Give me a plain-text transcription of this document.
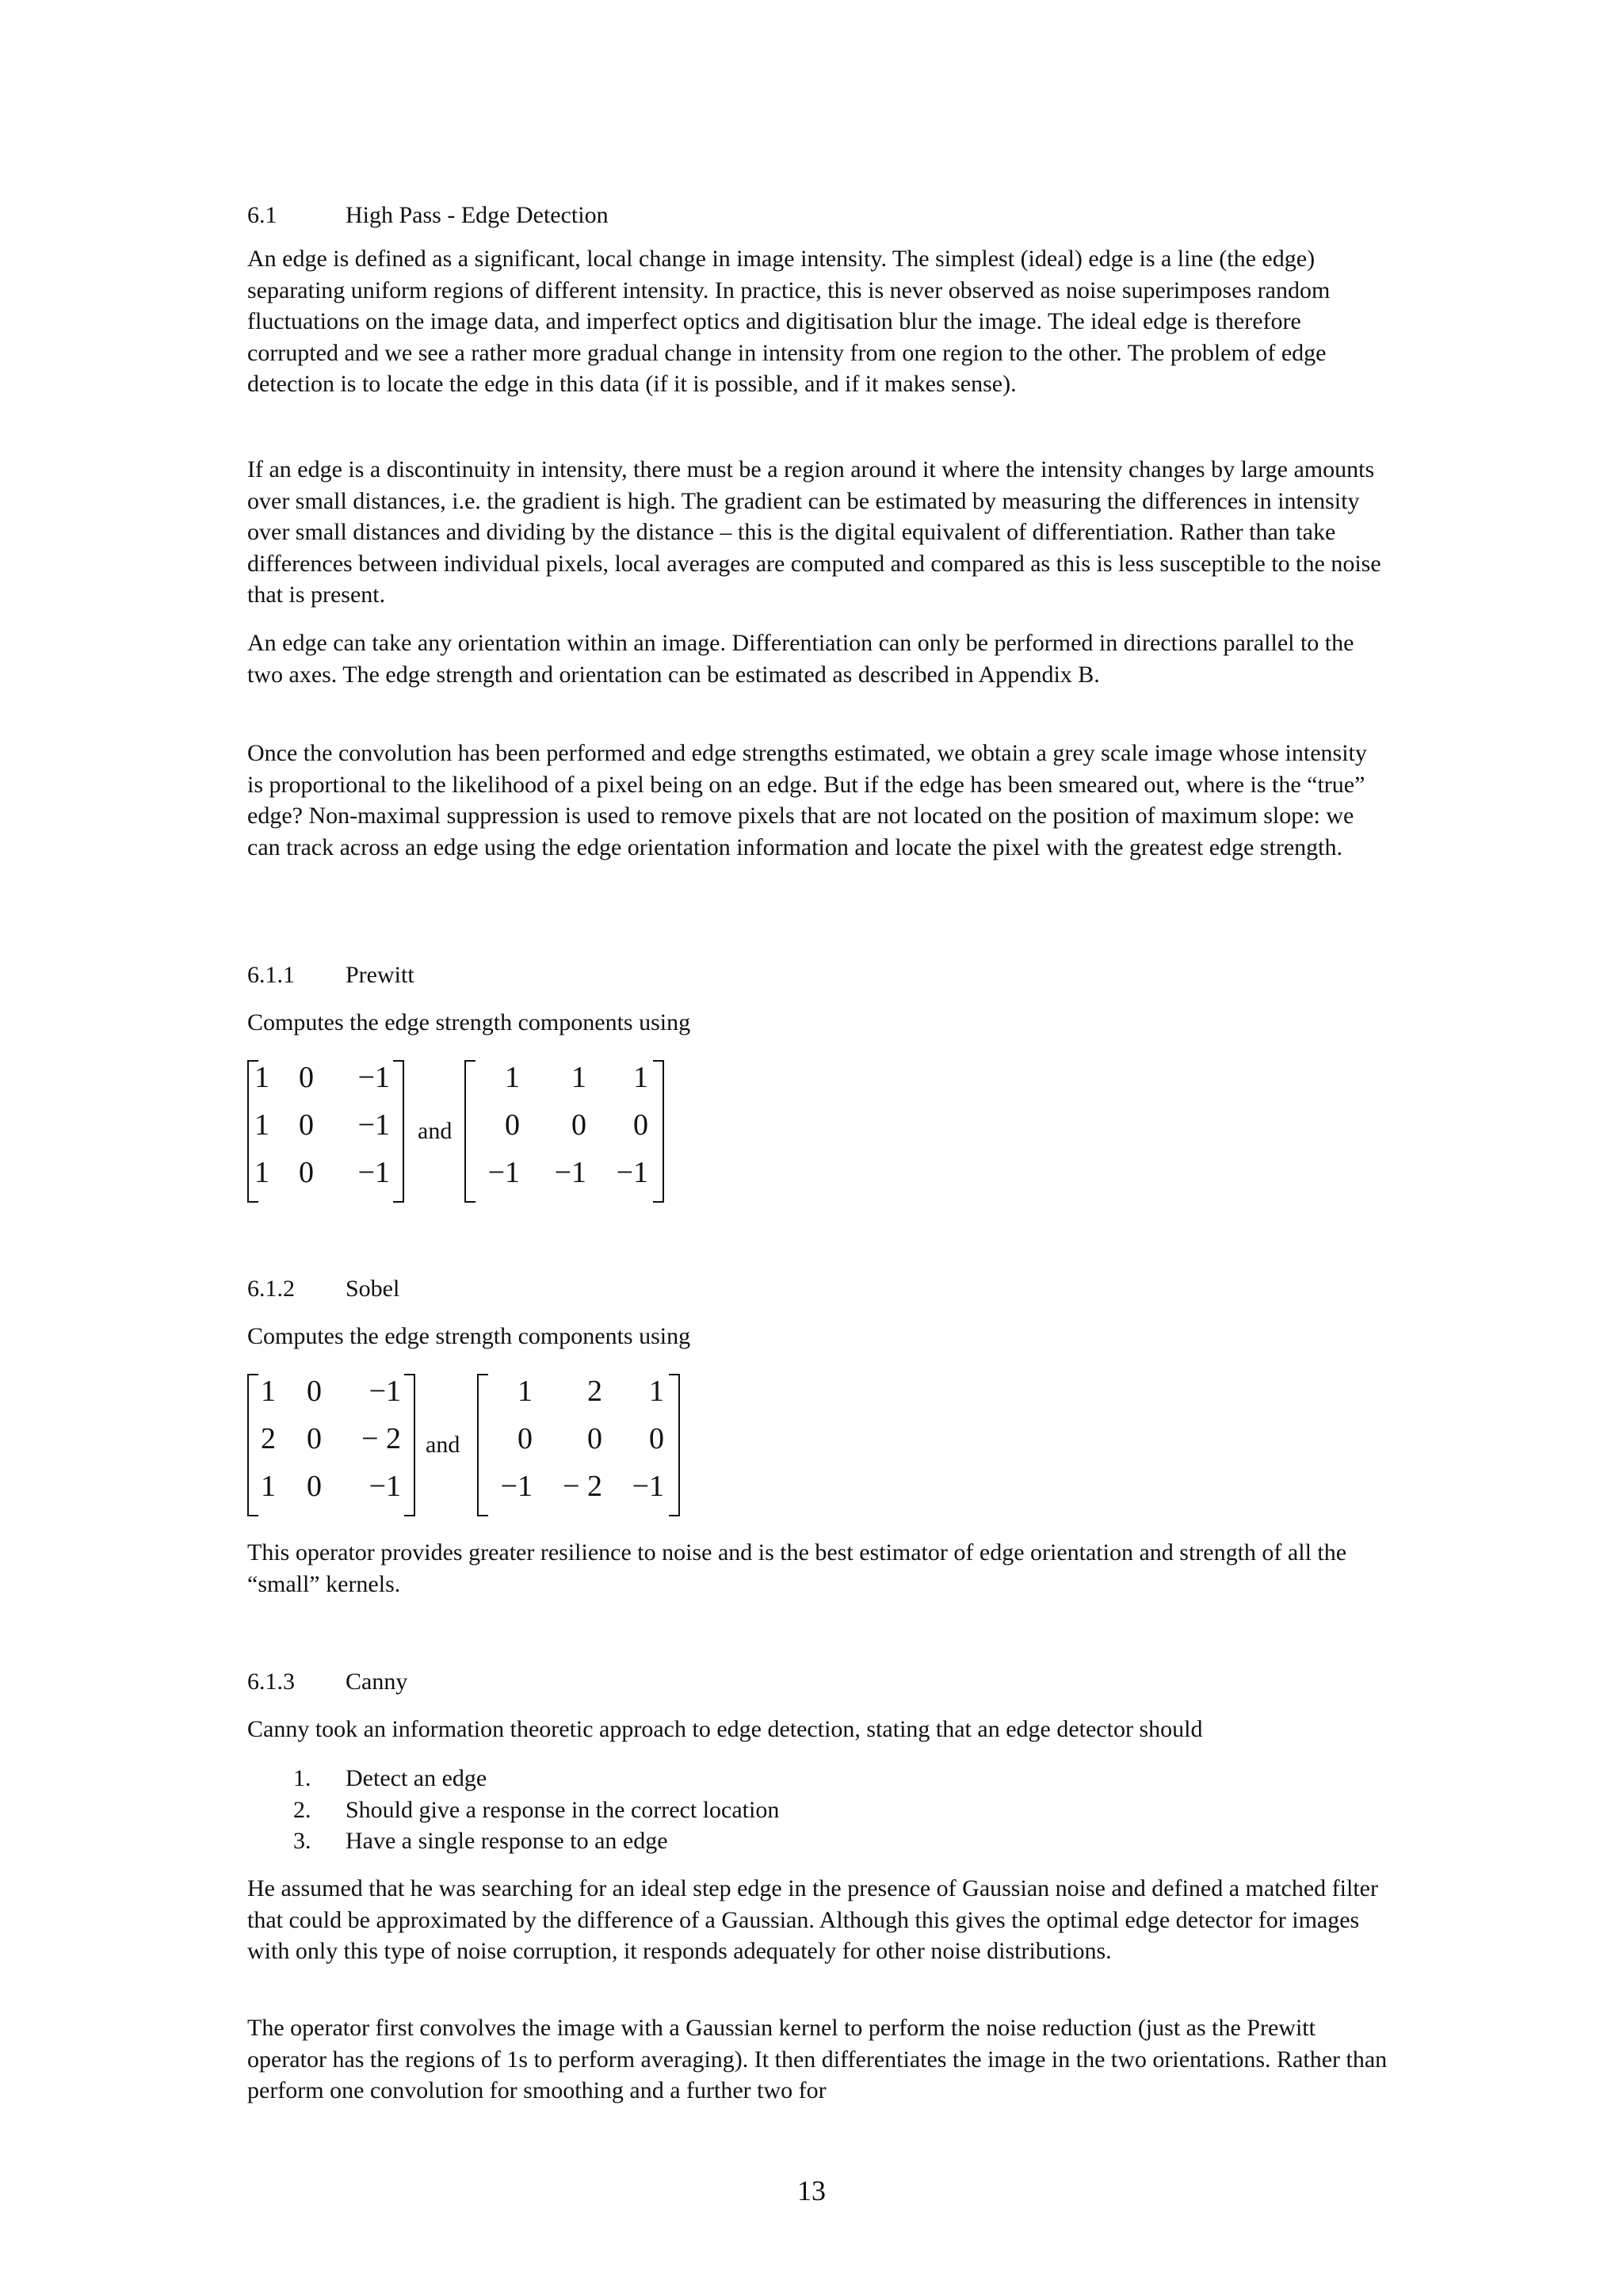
6.1	High Pass - Edge Detection

An edge is defined as a significant, local change in image intensity. The simplest (ideal) edge is a line (the edge) separating uniform regions of different intensity. In practice, this is never observed as noise superimposes random fluctuations on the image data, and imperfect optics and digitisation blur the image. The ideal edge is therefore corrupted and we see a rather more gradual change in intensity from one region to the other. The problem of edge detection is to locate the edge in this data (if it is possible, and if it makes sense).

If an edge is a discontinuity in intensity, there must be a region around it where the intensity changes by large amounts over small distances, i.e. the gradient is high. The gradient can be estimated by measuring the differences in intensity over small distances and dividing by the distance – this is the digital equivalent of differentiation. Rather than take differences between individual pixels, local averages are computed and compared as this is less susceptible to the noise that is present.

An edge can take any orientation within an image. Differentiation can only be performed in directions parallel to the two axes. The edge strength and orientation can be estimated as described in Appendix B.

Once the convolution has been performed and edge strengths estimated, we obtain a grey scale image whose intensity is proportional to the likelihood of a pixel being on an edge. But if the edge has been smeared out, where is the “true” edge? Non-maximal suppression is used to remove pixels that are not located on the position of maximum slope: we can track across an edge using the edge orientation information and locate the pixel with the greatest edge strength.

6.1.1 Prewitt

Computes the edge strength components using

1 0	−1
1 0	−1
1 0	−1
and
1	1	1
0	0	0
−1	−1 −1
6.1.2 Sobel

Computes the edge strength components using

1	0	−1
2	0	− 2
1	0	−1
and
1	2	1
0	0	0
−1	− 2 −1

This operator provides greater resilience to noise and is the best estimator of edge orientation and strength of all the “small” kernels.

6.1.3 Canny

Canny took an information theoretic approach to edge detection, stating that an edge detector should

1. Detect an edge
2. Should give a response in the correct location
3. Have a single response to an edge

He assumed that he was searching for an ideal step edge in the presence of Gaussian noise and defined a matched filter that could be approximated by the difference of a Gaussian. Although this gives the optimal edge detector for images with only this type of noise corruption, it responds adequately for other noise distributions.

The operator first convolves the image with a Gaussian kernel to perform the noise reduction (just as the Prewitt operator has the regions of 1s to perform averaging). It then differentiates the image in the two orientations. Rather than perform one convolution for smoothing and a further two for

13
